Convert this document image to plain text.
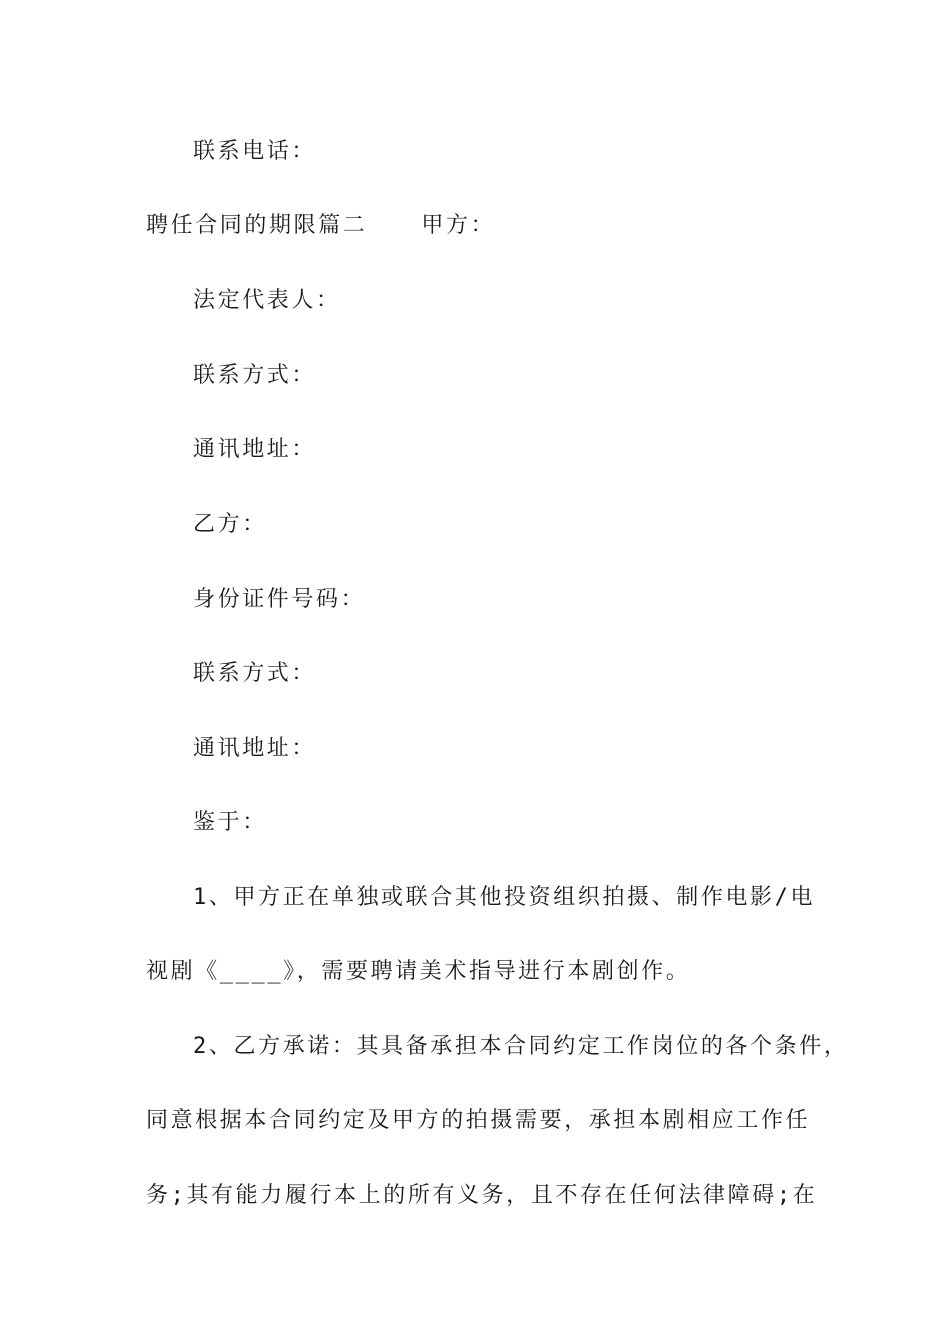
联系电话：
聘任合同的期限篇二 甲方：
法定代表人：
联系方式：
通讯地址：
乙方：
身份证件号码：
联系方式：
通讯地址：
鉴于：
1、甲方正在单独或联合其他投资组织拍摄、制作电影/电
视剧《____》，需要聘请美术指导进行本剧创作。
2、乙方承诺：其具备承担本合同约定工作岗位的各个条件，
同意根据本合同约定及甲方的拍摄需要，承担本剧相应工作任
务;其有能力履行本上的所有义务，且不存在任何法律障碍;在
